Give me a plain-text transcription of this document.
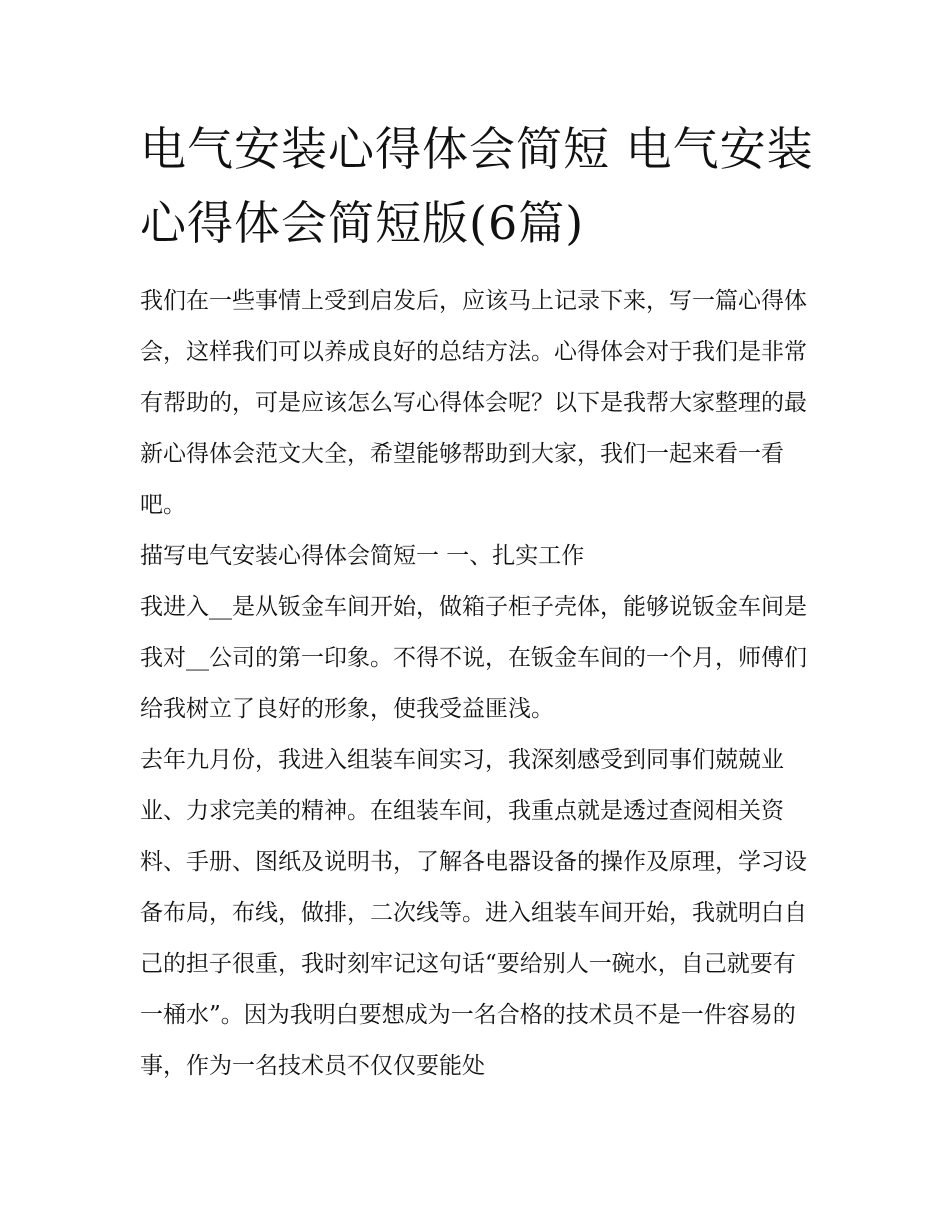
电气安装心得体会简短 电气安装心得体会简短版(6篇)

我们在一些事情上受到启发后，应该马上记录下来，写一篇心得体会，这样我们可以养成良好的总结方法。心得体会对于我们是非常有帮助的，可是应该怎么写心得体会呢？以下是我帮大家整理的最新心得体会范文大全，希望能够帮助到大家，我们一起来看一看吧。

描写电气安装心得体会简短一 一、扎实工作

我进入__是从钣金车间开始，做箱子柜子壳体，能够说钣金车间是我对__公司的第一印象。不得不说，在钣金车间的一个月，师傅们给我树立了良好的形象，使我受益匪浅。

去年九月份，我进入组装车间实习，我深刻感受到同事们兢兢业业、力求完美的精神。在组装车间，我重点就是透过查阅相关资料、手册、图纸及说明书，了解各电器设备的操作及原理，学习设备布局，布线，做排，二次线等。进入组装车间开始，我就明白自己的担子很重，我时刻牢记这句话“要给别人一碗水，自己就要有一桶水”。因为我明白要想成为一名合格的技术员不是一件容易的事，作为一名技术员不仅仅要能处
